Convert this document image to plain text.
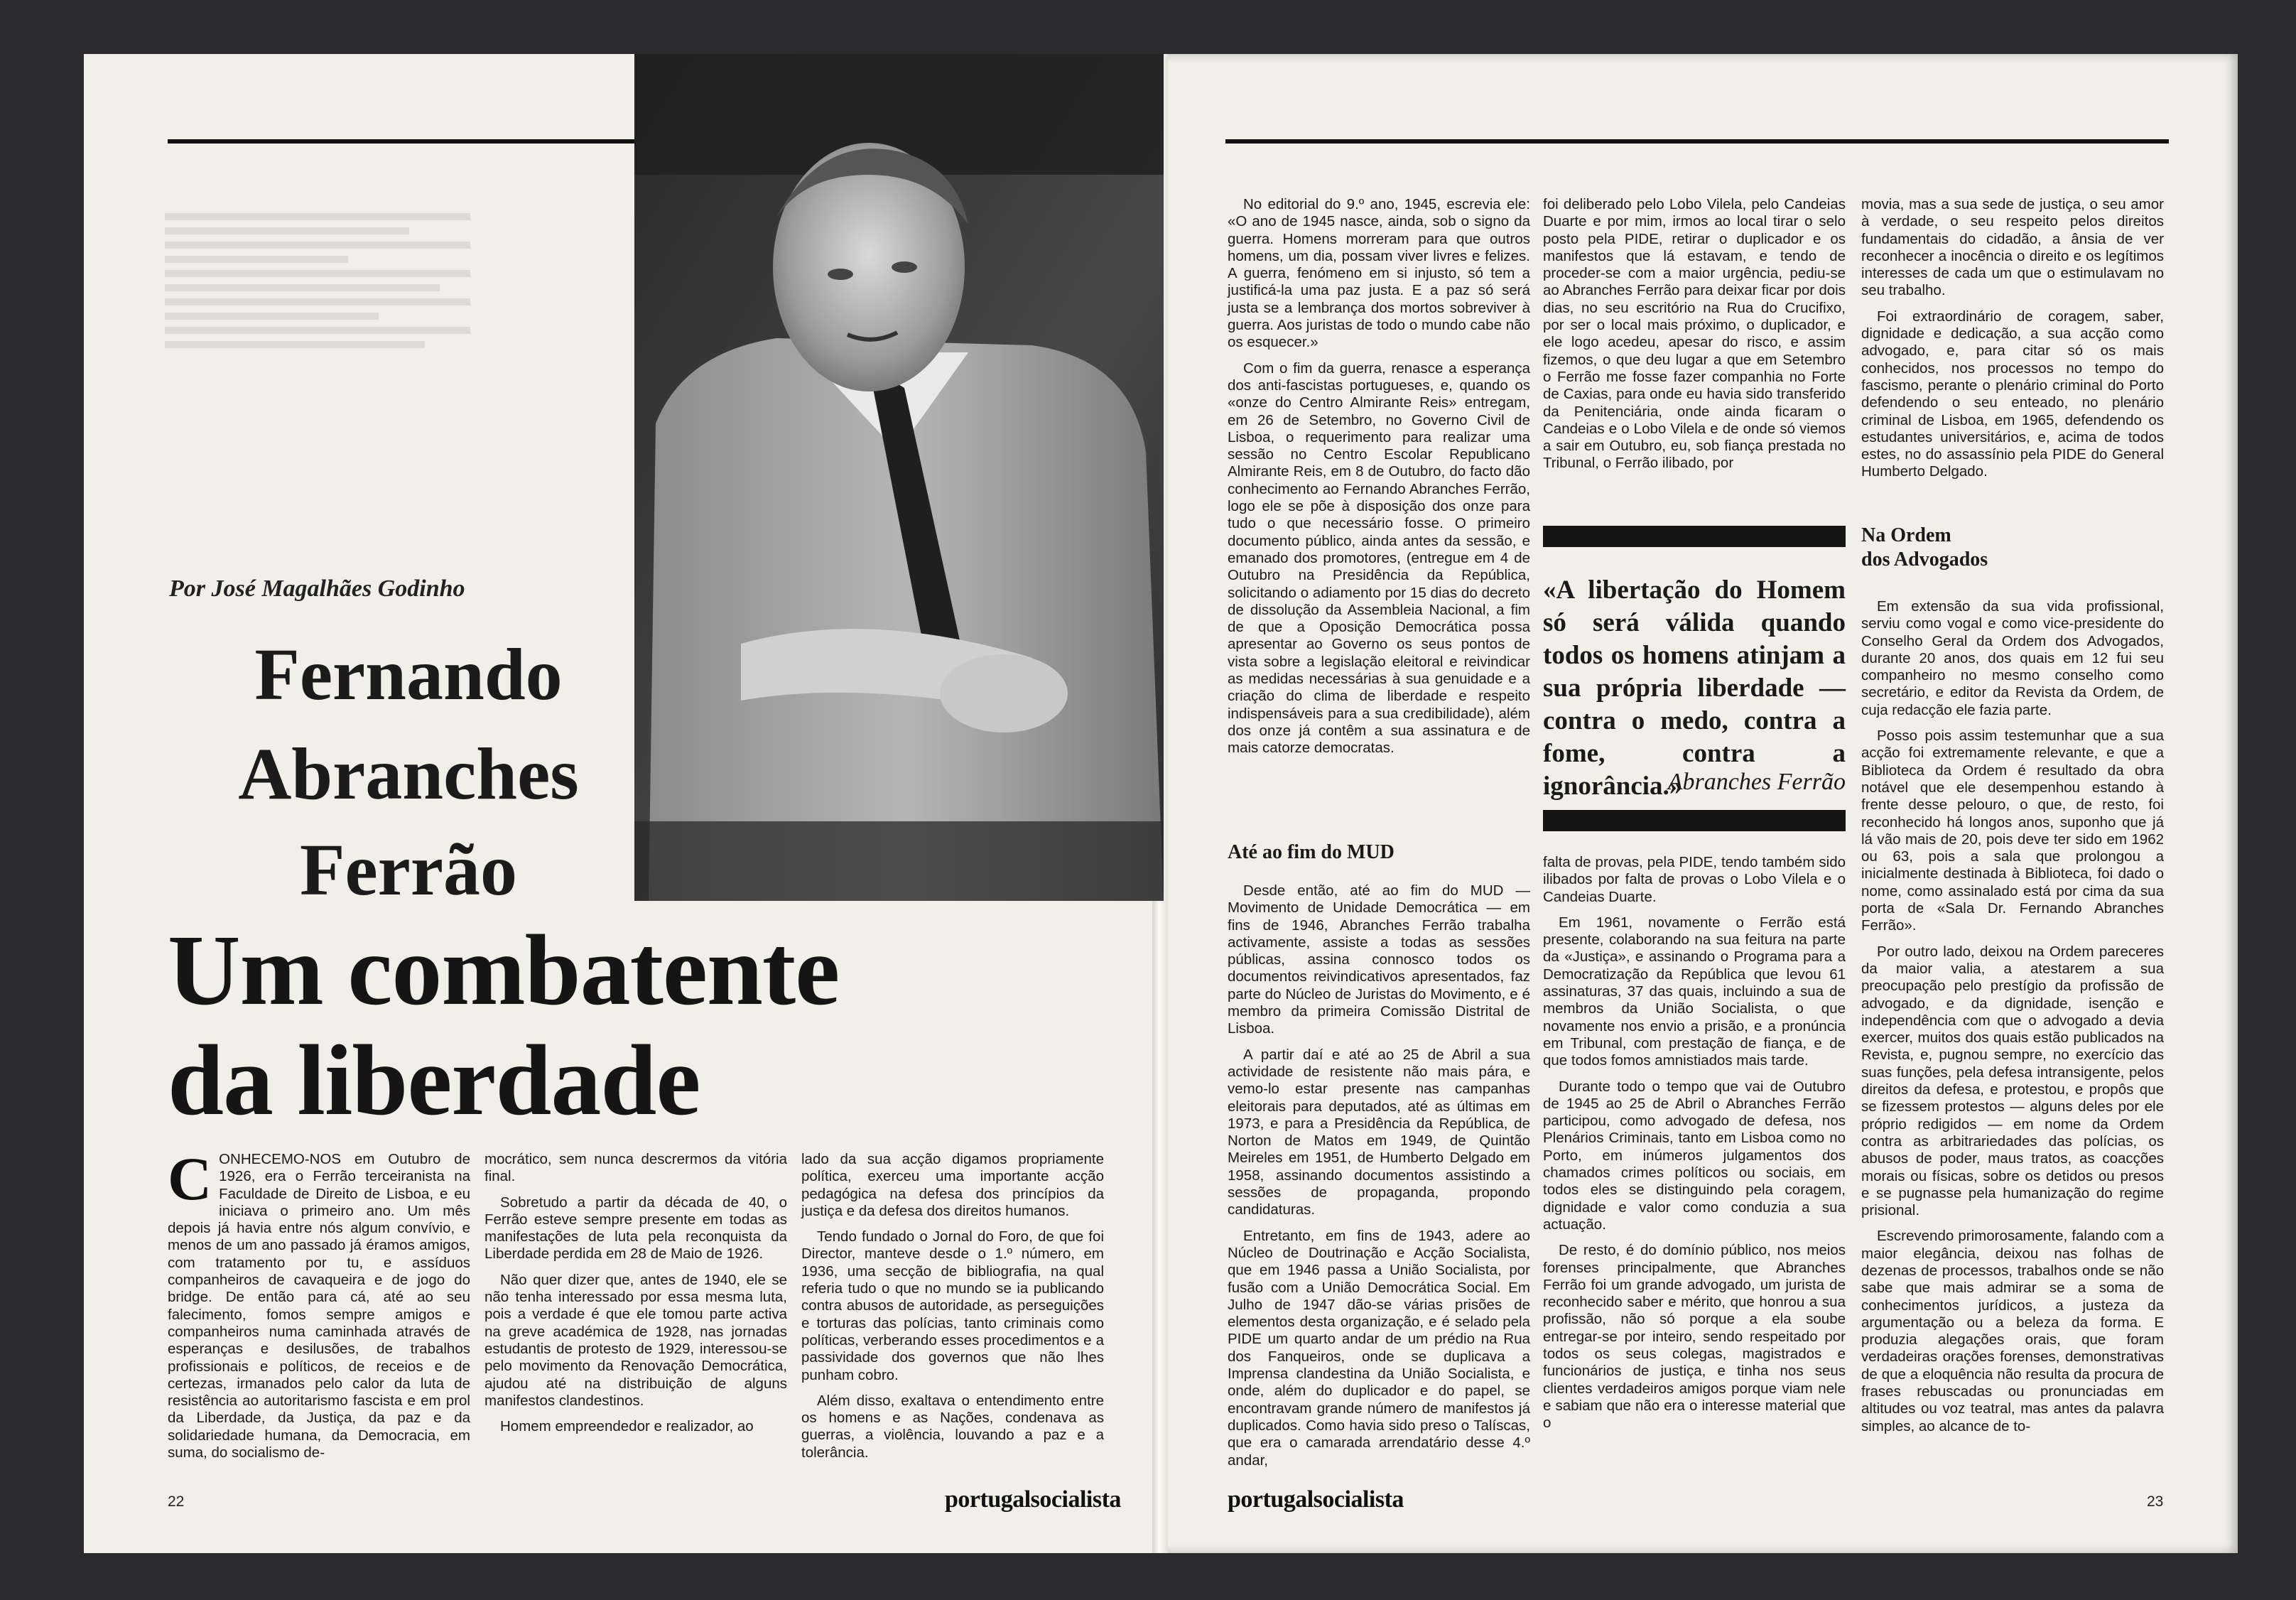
Por José Magalhães Godinho
Fernando
Abranches
Ferrão
Um combatente
da liberdade

CONHECEMO-NOS em Outubro de 1926, era o Ferrão terceiranista na Faculdade de Direito de Lisboa, e eu iniciava o primeiro ano. Um mês depois já havia entre nós algum convívio, e menos de um ano passado já éramos amigos, com tratamento por tu, e assíduos companheiros de cavaqueira e de jogo do bridge. De então para cá, até ao seu falecimento, fomos sempre amigos e companheiros numa caminhada através de esperanças e desilusões, de trabalhos profissionais e políticos, de receios e de certezas, irmanados pelo calor da luta de resistência ao autoritarismo fascista e em prol da Liberdade, da Justiça, da paz e da solidariedade humana, da Democracia, em suma, do socialismo de-

mocrático, sem nunca descrermos da vitória final.

Sobretudo a partir da década de 40, o Ferrão esteve sempre presente em todas as manifestações de luta pela reconquista da Liberdade perdida em 28 de Maio de 1926.

Não quer dizer que, antes de 1940, ele se não tenha interessado por essa mesma luta, pois a verdade é que ele tomou parte activa na greve académica de 1928, nas jornadas estudantis de protesto de 1929, interessou-se pelo movimento da Renovação Democrática, ajudou até na distribuição de alguns manifestos clandestinos.

Homem empreendedor e realizador, ao

lado da sua acção digamos propriamente política, exerceu uma importante acção pedagógica na defesa dos princípios da justiça e da defesa dos direitos humanos.

Tendo fundado o Jornal do Foro, de que foi Director, manteve desde o 1.º número, em 1936, uma secção de bibliografia, na qual referia tudo o que no mundo se ia publicando contra abusos de autoridade, as perseguições e torturas das polícias, tanto criminais como políticas, verberando esses procedimentos e a passividade dos governos que não lhes punham cobro.

Além disso, exaltava o entendimento entre os homens e as Nações, condenava as guerras, a violência, louvando a paz e a tolerância.

22	portugalsocialista

No editorial do 9.º ano, 1945, escrevia ele: «O ano de 1945 nasce, ainda, sob o signo da guerra. Homens morreram para que outros homens, um dia, possam viver livres e felizes. A guerra, fenómeno em si injusto, só tem a justificá-la uma paz justa. E a paz só será justa se a lembrança dos mortos sobreviver à guerra. Aos juristas de todo o mundo cabe não os esquecer.»

Com o fim da guerra, renasce a esperança dos anti-fascistas portugueses, e, quando os «onze do Centro Almirante Reis» entregam, em 26 de Setembro, no Governo Civil de Lisboa, o requerimento para realizar uma sessão no Centro Escolar Republicano Almirante Reis, em 8 de Outubro, do facto dão conhecimento ao Fernando Abranches Ferrão, logo ele se põe à disposição dos onze para tudo o que necessário fosse. O primeiro documento público, ainda antes da sessão, e emanado dos promotores, (entregue em 4 de Outubro na Presidência da República, solicitando o adiamento por 15 dias do decreto de dissolução da Assembleia Nacional, a fim de que a Oposição Democrática possa apresentar ao Governo os seus pontos de vista sobre a legislação eleitoral e reivindicar as medidas necessárias à sua genuidade e a criação do clima de liberdade e respeito indispensáveis para a sua credibilidade), além dos onze já contêm a sua assinatura e de mais catorze democratas.

Até ao fim do MUD

Desde então, até ao fim do MUD — Movimento de Unidade Democrática — em fins de 1946, Abranches Ferrão trabalha activamente, assiste a todas as sessões públicas, assina connosco todos os documentos reivindicativos apresentados, faz parte do Núcleo de Juristas do Movimento, e é membro da primeira Comissão Distrital de Lisboa.

A partir daí e até ao 25 de Abril a sua actividade de resistente não mais pára, e vemo-lo estar presente nas campanhas eleitorais para deputados, até as últimas em 1973, e para a Presidência da República, de Norton de Matos em 1949, de Quintão Meireles em 1951, de Humberto Delgado em 1958, assinando documentos assistindo a sessões de propaganda, propondo candidaturas.

Entretanto, em fins de 1943, adere ao Núcleo de Doutrinação e Acção Socialista, que em 1946 passa a União Socialista, por fusão com a União Democrática Social. Em Julho de 1947 dão-se várias prisões de elementos desta organização, e é selado pela PIDE um quarto andar de um prédio na Rua dos Fanqueiros, onde se duplicava a Imprensa clandestina da União Socialista, e onde, além do duplicador e do papel, se encontravam grande número de manifestos já duplicados. Como havia sido preso o Talíscas, que era o camarada arrendatário desse 4.º andar,

foi deliberado pelo Lobo Vilela, pelo Candeias Duarte e por mim, irmos ao local tirar o selo posto pela PIDE, retirar o duplicador e os manifestos que lá estavam, e tendo de proceder-se com a maior urgência, pediu-se ao Abranches Ferrão para deixar ficar por dois dias, no seu escritório na Rua do Crucifixo, por ser o local mais próximo, o duplicador, e ele logo acedeu, apesar do risco, e assim fizemos, o que deu lugar a que em Setembro o Ferrão me fosse fazer companhia no Forte de Caxias, para onde eu havia sido transferido da Penitenciária, onde ainda ficaram o Candeias e o Lobo Vilela e de onde só viemos a sair em Outubro, eu, sob fiança prestada no Tribunal, o Ferrão ilibado, por

«A libertação do Homem só será válida quando todos os homens atinjam a sua própria liberdade — contra o medo, contra a fome, contra a ignorância.»
Abranches Ferrão

falta de provas, pela PIDE, tendo também sido ilibados por falta de provas o Lobo Vilela e o Candeias Duarte.

Em 1961, novamente o Ferrão está presente, colaborando na sua feitura na parte da «Justiça», e assinando o Programa para a Democratização da República que levou 61 assinaturas, 37 das quais, incluindo a sua de membros da União Socialista, o que novamente nos envio a prisão, e a pronúncia em Tribunal, com prestação de fiança, e de que todos fomos amnistiados mais tarde.

Durante todo o tempo que vai de Outubro de 1945 ao 25 de Abril o Abranches Ferrão participou, como advogado de defesa, nos Plenários Criminais, tanto em Lisboa como no Porto, em inúmeros julgamentos dos chamados crimes políticos ou sociais, em todos eles se distinguindo pela coragem, dignidade e valor como conduzia a sua actuação.

De resto, é do domínio público, nos meios forenses principalmente, que Abranches Ferrão foi um grande advogado, um jurista de reconhecido saber e mérito, que honrou a sua profissão, não só porque a ela soube entregar-se por inteiro, sendo respeitado por todos os seus colegas, magistrados e funcionários de justiça, e tinha nos seus clientes verdadeiros amigos porque viam nele e sabiam que não era o interesse material que o

movia, mas a sua sede de justiça, o seu amor à verdade, o seu respeito pelos direitos fundamentais do cidadão, a ânsia de ver reconhecer a inocência o direito e os legítimos interesses de cada um que o estimulavam no seu trabalho.

Foi extraordinário de coragem, saber, dignidade e dedicação, a sua acção como advogado, e, para citar só os mais conhecidos, nos processos no tempo do fascismo, perante o plenário criminal do Porto defendendo o seu enteado, no plenário criminal de Lisboa, em 1965, defendendo os estudantes universitários, e, acima de todos estes, no do assassínio pela PIDE do General Humberto Delgado.

Na Ordem
dos Advogados

Em extensão da sua vida profissional, serviu como vogal e como vice-presidente do Conselho Geral da Ordem dos Advogados, durante 20 anos, dos quais em 12 fui seu companheiro no mesmo conselho como secretário, e editor da Revista da Ordem, de cuja redacção ele fazia parte.

Posso pois assim testemunhar que a sua acção foi extremamente relevante, e que a Biblioteca da Ordem é resultado da obra notável que ele desempenhou estando à frente desse pelouro, o que, de resto, foi reconhecido há longos anos, suponho que já lá vão mais de 20, pois deve ter sido em 1962 ou 63, pois a sala que prolongou a inicialmente destinada à Biblioteca, foi dado o nome, como assinalado está por cima da sua porta de «Sala Dr. Fernando Abranches Ferrão».

Por outro lado, deixou na Ordem pareceres da maior valia, a atestarem a sua preocupação pelo prestígio da profissão de advogado, e da dignidade, isenção e independência com que o advogado a devia exercer, muitos dos quais estão publicados na Revista, e, pugnou sempre, no exercício das suas funções, pela defesa intransigente, pelos direitos da defesa, e protestou, e propôs que se fizessem protestos — alguns deles por ele próprio redigidos — em nome da Ordem contra as arbitrariedades das polícias, os abusos de poder, maus tratos, as coacções morais ou físicas, sobre os detidos ou presos e se pugnasse pela humanização do regime prisional.

Escrevendo primorosamente, falando com a maior elegância, deixou nas folhas de dezenas de processos, trabalhos onde se não sabe que mais admirar se a soma de conhecimentos jurídicos, a justeza da argumentação ou a beleza da forma. E produzia alegações orais, que foram verdadeiras orações forenses, demonstrativas de que a eloquência não resulta da procura de frases rebuscadas ou pronunciadas em altitudes ou voz teatral, mas antes da palavra simples, ao alcance de to-

portugalsocialista	23
